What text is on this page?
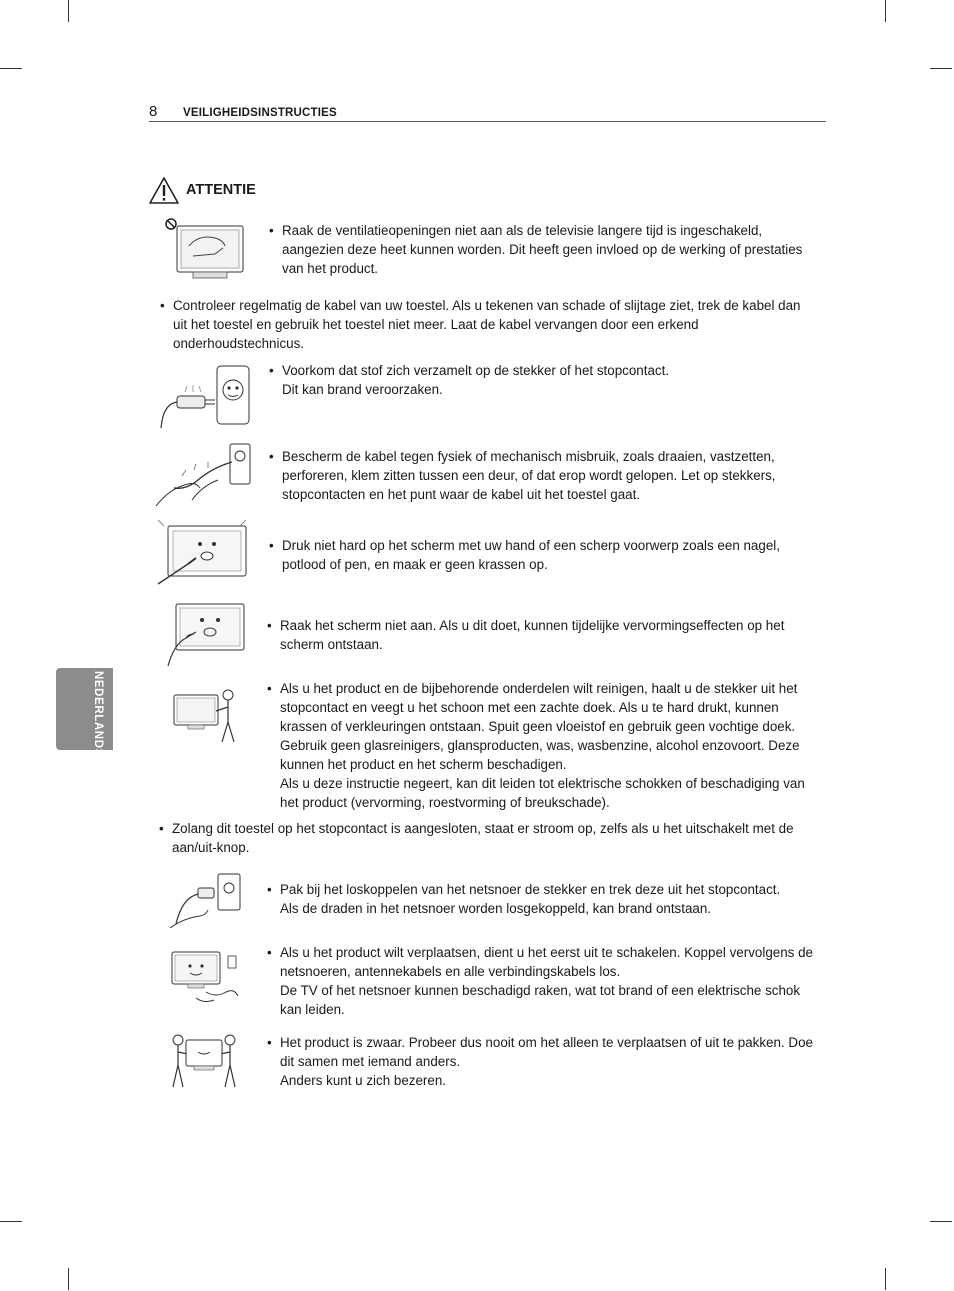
8 VEILIGHEIDSINSTRUCTIES
NEDERLANDS
ATTENTIE

• Raak de ventilatieopeningen niet aan als de televisie langere tijd is ingeschakeld, aangezien deze heet kunnen worden. Dit heeft geen invloed op de werking of prestaties van het product.

• Controleer regelmatig de kabel van uw toestel. Als u tekenen van schade of slijtage ziet, trek de kabel dan uit het toestel en gebruik het toestel niet meer. Laat de kabel vervangen door een erkend onderhoudstechnicus.

• Voorkom dat stof zich verzamelt op de stekker of het stopcontact.

Dit kan brand veroorzaken.

• Bescherm de kabel tegen fysiek of mechanisch misbruik, zoals draaien, vastzetten, perforeren, klem zitten tussen een deur, of dat erop wordt gelopen. Let op stekkers, stopcontacten en het punt waar de kabel uit het toestel gaat.

• Druk niet hard op het scherm met uw hand of een scherp voorwerp zoals een nagel, potlood of pen, en maak er geen krassen op.

• Raak het scherm niet aan. Als u dit doet, kunnen tijdelijke vervormingseffecten op het scherm ontstaan.

• Als u het product en de bijbehorende onderdelen wilt reinigen, haalt u de stekker uit het stopcontact en veegt u het schoon met een zachte doek. Als u te hard drukt, kunnen krassen of verkleuringen ontstaan. Spuit geen vloeistof en gebruik geen vochtige doek. Gebruik geen glasreinigers, glansproducten, was, wasbenzine, alcohol enzovoort. Deze kunnen het product en het scherm beschadigen.

Als u deze instructie negeert, kan dit leiden tot elektrische schokken of beschadiging van het product (vervorming, roestvorming of breukschade).

• Zolang dit toestel op het stopcontact is aangesloten, staat er stroom op, zelfs als u het uitschakelt met de aan/uit-knop.

• Pak bij het loskoppelen van het netsnoer de stekker en trek deze uit het stopcontact.

Als de draden in het netsnoer worden losgekoppeld, kan brand ontstaan.

• Als u het product wilt verplaatsen, dient u het eerst uit te schakelen. Koppel vervolgens de netsnoeren, antennekabels en alle verbindingskabels los.

De TV of het netsnoer kunnen beschadigd raken, wat tot brand of een elektrische schok kan leiden.

• Het product is zwaar. Probeer dus nooit om het alleen te verplaatsen of uit te pakken. Doe dit samen met iemand anders.

Anders kunt u zich bezeren.
